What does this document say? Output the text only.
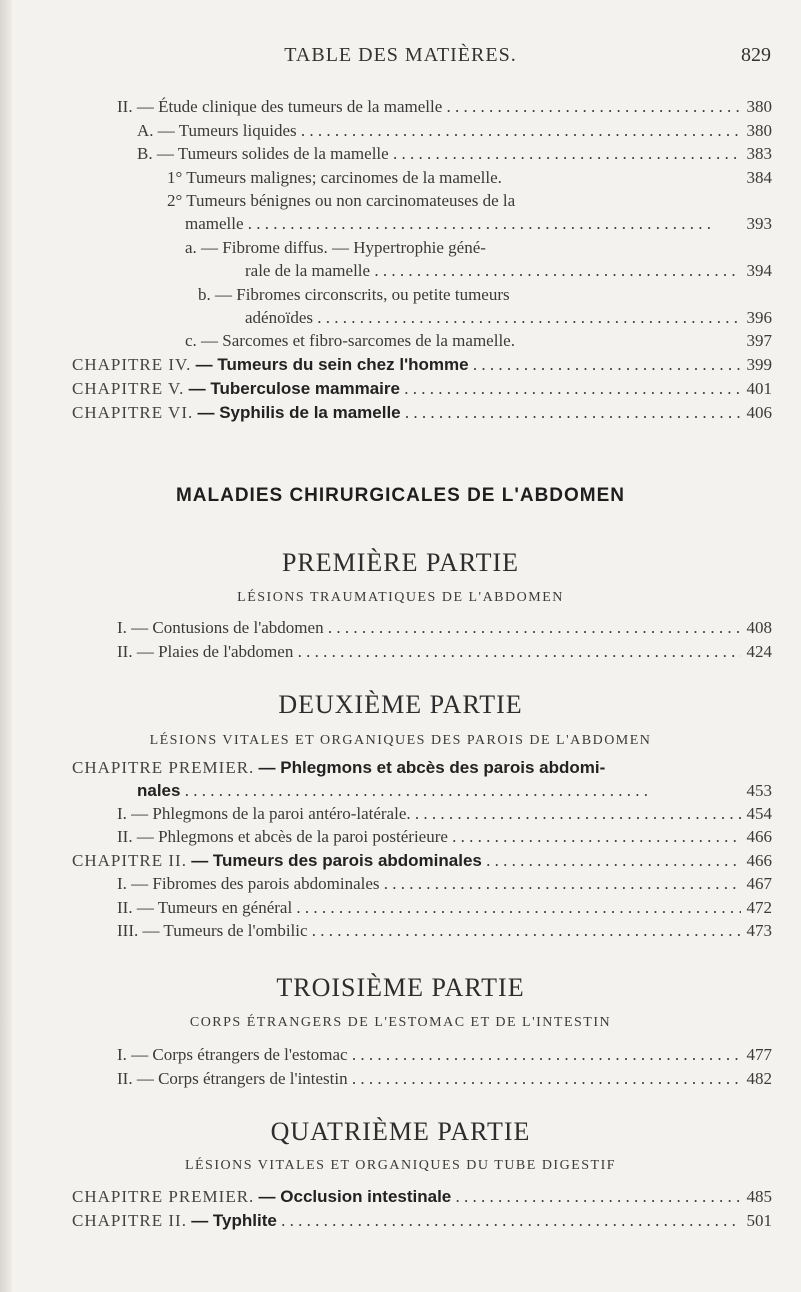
TABLE DES MATIÈRES.	829
II. — Étude clinique des tumeurs de la mamelle . . .	380
A. — Tumeurs liquides . . .	380
B. — Tumeurs solides de la mamelle . . .	383
1° Tumeurs malignes; carcinomes de la mamelle.	384
2° Tumeurs bénignes ou non carcinomateuses de la
mamelle . . .	393
a. — Fibrome diffus. — Hypertrophie géné-
rale de la mamelle . . .	394
b. — Fibromes circonscrits, ou petite tumeurs
adénoïdes . . .	396
c. — Sarcomes et fibro-sarcomes de la mamelle.	397
CHAPITRE IV. — Tumeurs du sein chez l'homme . . .	399
CHAPITRE V. — Tuberculose mammaire . . .	401
CHAPITRE VI. — Syphilis de la mamelle . . .	406
MALADIES CHIRURGICALES DE L'ABDOMEN
PREMIÈRE PARTIE
LÉSIONS TRAUMATIQUES DE L'ABDOMEN
I. — Contusions de l'abdomen . . .	408
II. — Plaies de l'abdomen . . .	424
DEUXIÈME PARTIE
LÉSIONS VITALES ET ORGANIQUES DES PAROIS DE L'ABDOMEN
CHAPITRE PREMIER. — Phlegmons et abcès des parois abdomi-
nales . . .	453
I. — Phlegmons de la paroi antéro-latérale. . . .	454
II. — Phlegmons et abcès de la paroi postérieure . . .	466
CHAPITRE II. — Tumeurs des parois abdominales . . .	466
I. — Fibromes des parois abdominales . . .	467
II. — Tumeurs en général . . .	472
III. — Tumeurs de l'ombilic . . .	473
TROISIÈME PARTIE
CORPS ÉTRANGERS DE L'ESTOMAC ET DE L'INTESTIN
I. — Corps étrangers de l'estomac . . .	477
II. — Corps étrangers de l'intestin . . .	482
QUATRIÈME PARTIE
LÉSIONS VITALES ET ORGANIQUES DU TUBE DIGESTIF
CHAPITRE PREMIER. — Occlusion intestinale . . .	485
CHAPITRE II. — Typhlite . . .	501
